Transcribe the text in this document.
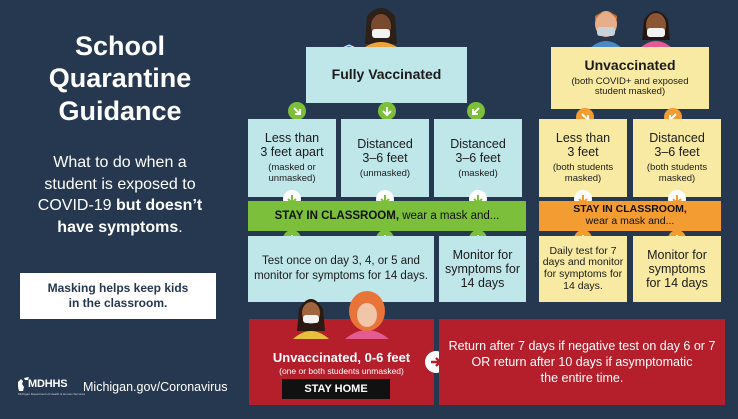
School
Quarantine
Guidance
What to do when a
student is exposed to
COVID-19 but doesn’t
have symptoms.
Masking helps keep kids
in the classroom.
MDHHS
Michigan Department of Health & Human Services
Michigan.gov/Coronavirus
Fully Vaccinated
Less than
3 feet apart
(masked or
unmasked)
Distanced
3–6 feet
(unmasked)
Distanced
3–6 feet
(masked)
STAY IN CLASSROOM, wear a mask and...
Test once on day 3, 4, or 5 and
monitor for symptoms for 14 days.
Monitor for
symptoms for
14 days
Unvaccinated
(both COVID+ and exposed
student masked)
Less than
3 feet
(both students
masked)
Distanced
3–6 feet
(both students
masked)
STAY IN CLASSROOM,
wear a mask and...
Daily test for 7
days and monitor
for symptoms for
14 days.
Monitor for
symptoms
for 14 days
Unvaccinated, 0-6 feet
(one or both students unmasked)
STAY HOME
Return after 7 days if negative test on day 6 or 7
OR return after 10 days if asymptomatic
the entire time.
